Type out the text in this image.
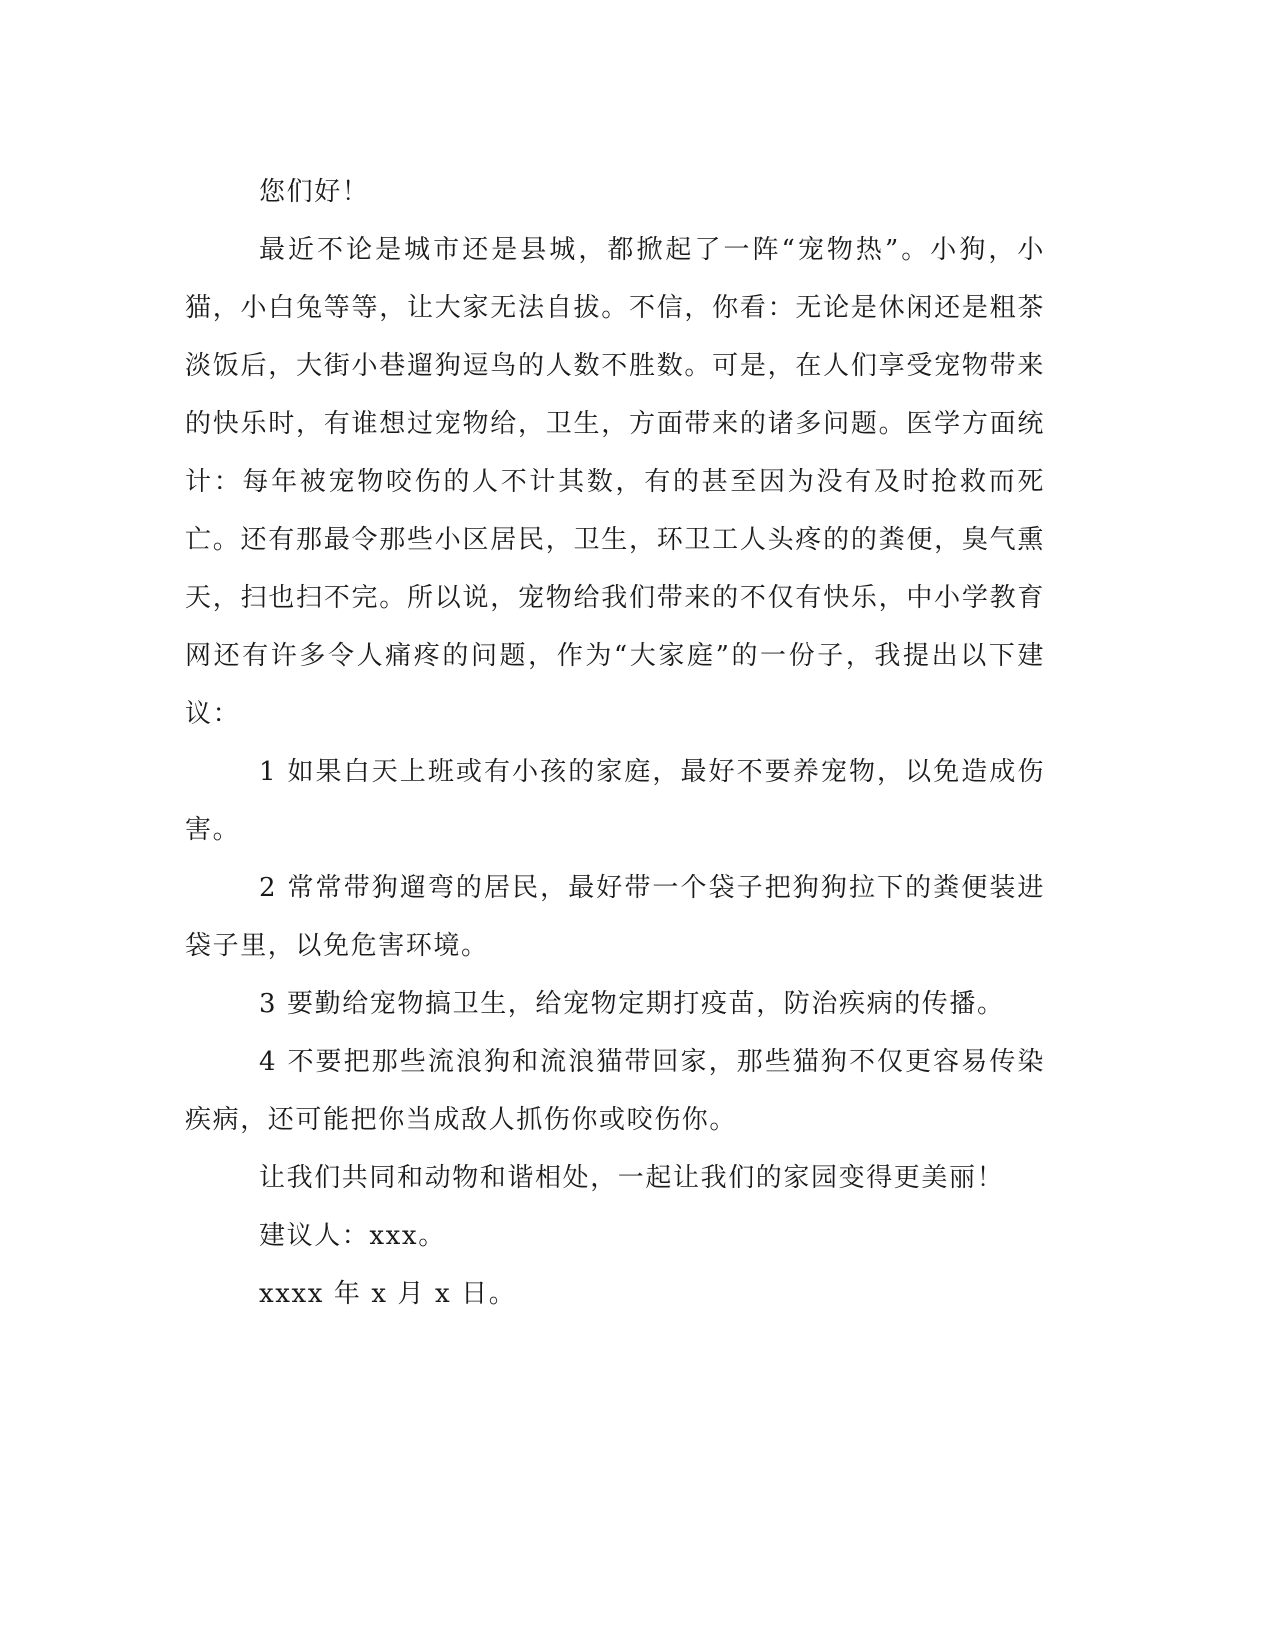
您们好！

最近不论是城市还是县城，都掀起了一阵“宠物热”。小狗，小猫，小白兔等等，让大家无法自拔。不信，你看：无论是休闲还是粗茶淡饭后，大街小巷遛狗逗鸟的人数不胜数。可是，在人们享受宠物带来的快乐时，有谁想过宠物给，卫生，方面带来的诸多问题。医学方面统计：每年被宠物咬伤的人不计其数，有的甚至因为没有及时抢救而死亡。还有那最令那些小区居民，卫生，环卫工人头疼的的粪便，臭气熏天，扫也扫不完。所以说，宠物给我们带来的不仅有快乐，中小学教育网还有许多令人痛疼的问题，作为“大家庭”的一份子，我提出以下建议：

1 如果白天上班或有小孩的家庭，最好不要养宠物，以免造成伤害。

2 常常带狗遛弯的居民，最好带一个袋子把狗狗拉下的粪便装进袋子里，以免危害环境。

3 要勤给宠物搞卫生，给宠物定期打疫苗，防治疾病的传播。

4 不要把那些流浪狗和流浪猫带回家，那些猫狗不仅更容易传染疾病，还可能把你当成敌人抓伤你或咬伤你。

让我们共同和动物和谐相处，一起让我们的家园变得更美丽！

建议人：xxx。

xxxx 年 x 月 x 日。
